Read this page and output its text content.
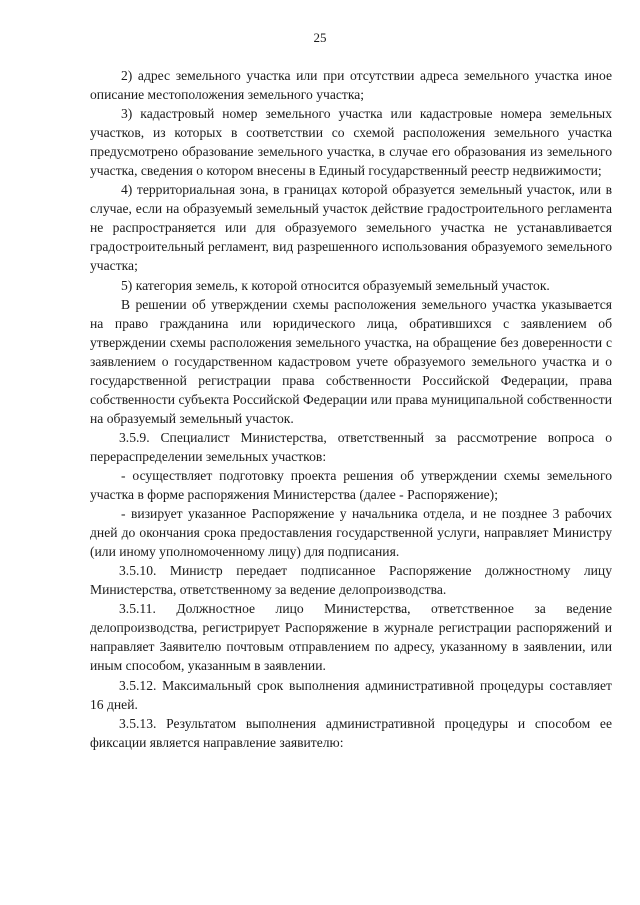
25

2) адрес земельного участка или при отсутствии адреса земельного участка иное описание местоположения земельного участка;

3) кадастровый номер земельного участка или кадастровые номера земельных участков, из которых в соответствии со схемой расположения земельного участка предусмотрено образование земельного участка, в случае его образования из земельного участка, сведения о котором внесены в Единый государственный реестр недвижимости;

4) территориальная зона, в границах которой образуется земельный участок, или в случае, если на образуемый земельный участок действие градостроительного регламента не распространяется или для образуемого земельного участка не устанавливается градостроительный регламент, вид разрешенного использования образуемого земельного участка;

5) категория земель, к которой относится образуемый земельный участок.

В решении об утверждении схемы расположения земельного участка указывается на право гражданина или юридического лица, обратившихся с заявлением об утверждении схемы расположения земельного участка, на обращение без доверенности с заявлением о государственном кадастровом учете образуемого земельного участка и о государственной регистрации права собственности Российской Федерации, права собственности субъекта Российской Федерации или права муниципальной собственности на образуемый земельный участок.

3.5.9. Специалист Министерства, ответственный за рассмотрение вопроса о перераспределении земельных участков:

- осуществляет подготовку проекта решения об утверждении схемы земельного участка в форме распоряжения Министерства (далее - Распоряжение);

- визирует указанное Распоряжение у начальника отдела, и не позднее 3 рабочих дней до окончания срока предоставления государственной услуги, направляет Министру (или иному уполномоченному лицу) для подписания.

3.5.10. Министр передает подписанное Распоряжение должностному лицу Министерства, ответственному за ведение делопроизводства.

3.5.11. Должностное лицо Министерства, ответственное за ведение делопроизводства, регистрирует Распоряжение в журнале регистрации распоряжений и направляет Заявителю почтовым отправлением по адресу, указанному в заявлении, или иным способом, указанным в заявлении.

3.5.12. Максимальный срок выполнения административной процедуры составляет 16 дней.

3.5.13. Результатом выполнения административной процедуры и способом ее фиксации является направление заявителю:
